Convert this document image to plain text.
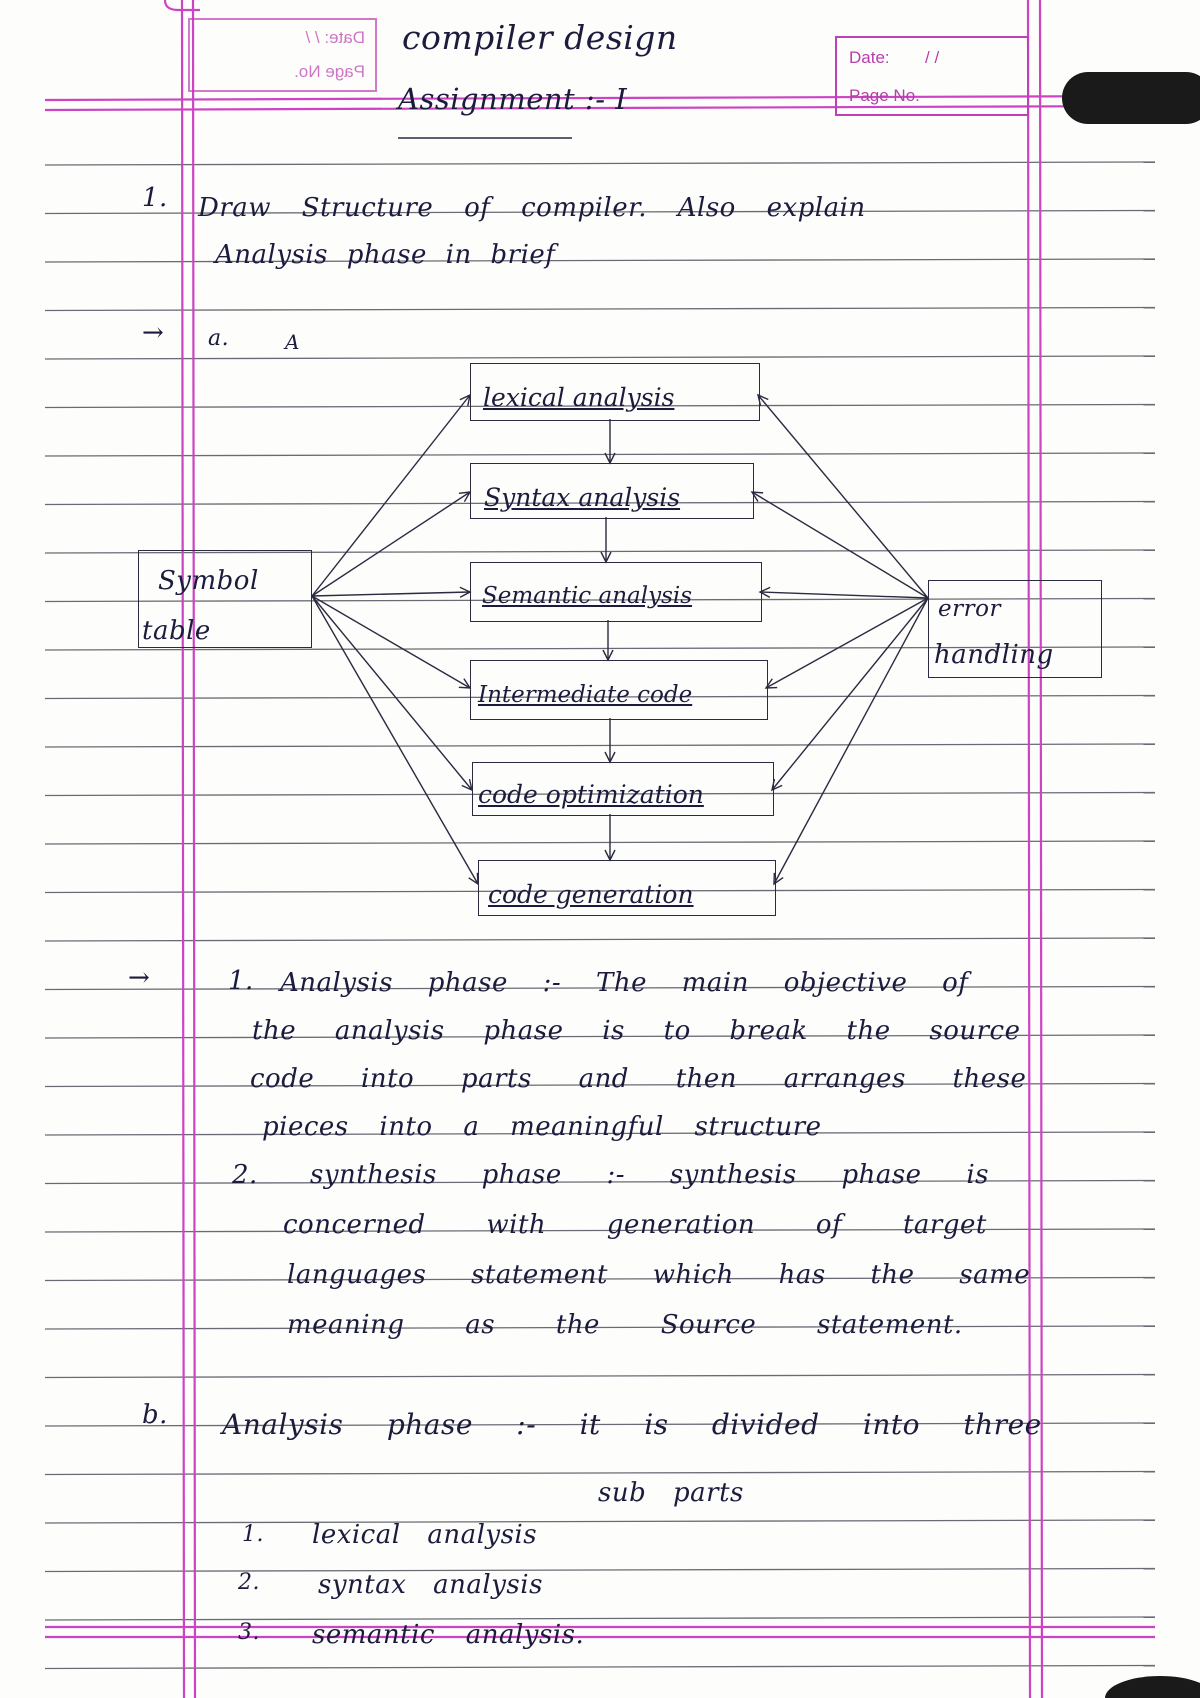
Date: / /
Page No.
Date: / /
Page No.
compiler design
Assignment :- I
1. Draw Structure of compiler. Also explain
Analysis phase in brief
→ a.	A
lexical analysis
Syntax analysis
Semantic analysis
Intermediate code
code optimization
code generation
Symbol
table
error
handling
→	1. Analysis phase :- The main objective of
the analysis phase is to break the source
code into parts and then arranges these
pieces into a meaningful structure
2. synthesis phase :- synthesis phase is
concerned with generation of target
languages statement which has the same
meaning as the Source statement.
b. Analysis phase :- it is divided into three
sub parts
1. lexical analysis
2. syntax analysis
3. semantic analysis.
